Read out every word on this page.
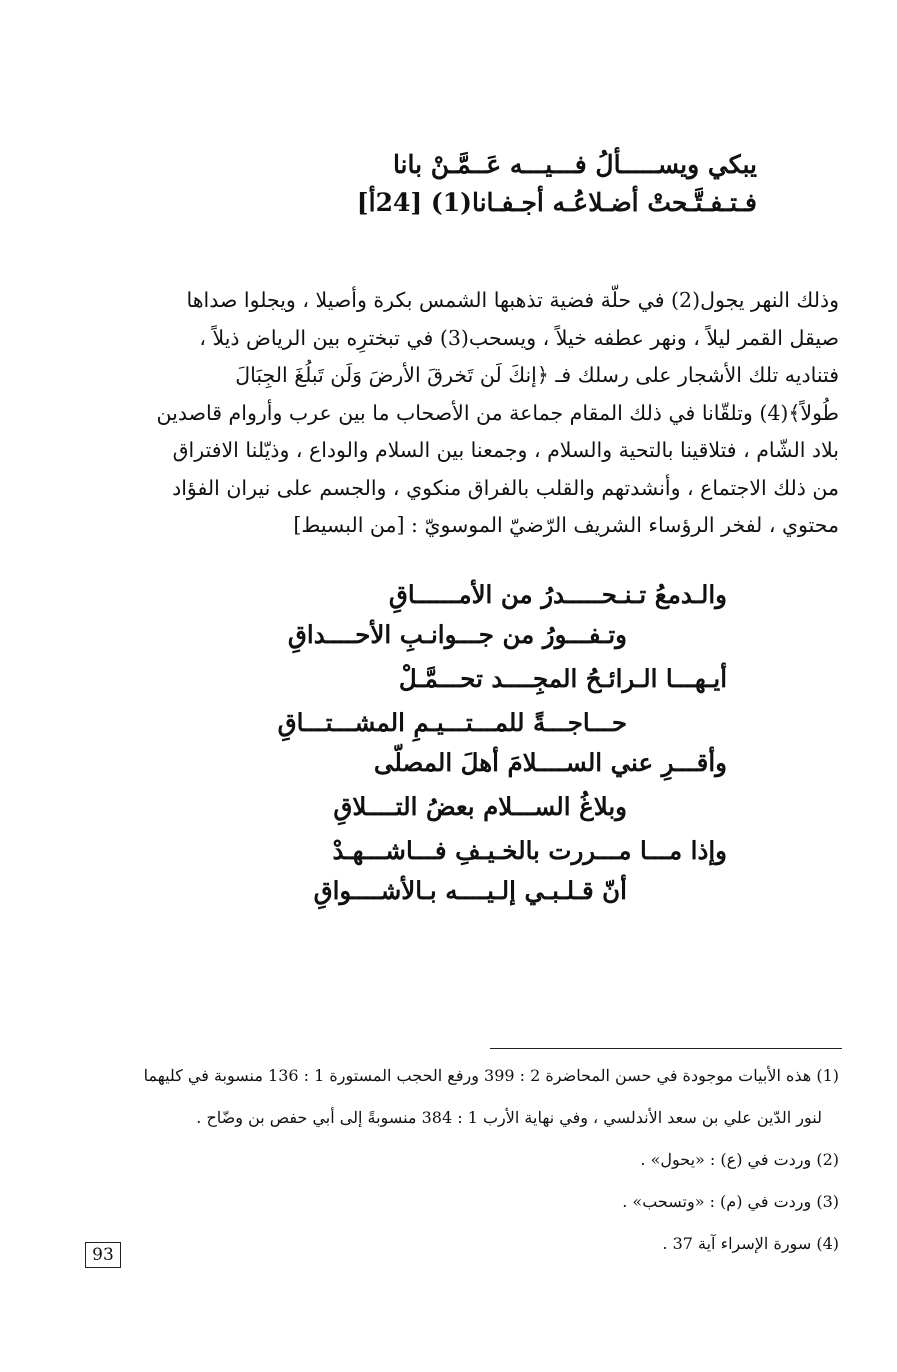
يبكي ويســـــألُ فـــيـــه عَــمَّـنْ بانا
فـتـفـتَّـحتْ أضـلاعُـه أجـفـانا(1) [24أ]

وذلك النهر يجول(2) في حلّة فضية تذهبها الشمس بكرة وأصيلا ، ويجلوا صداها

صيقل القمر ليلاً ، ونهر عطفه خيلاً ، ويسحب(3) في تبخترِه بين الرياض ذيلاً ،

فتناديه تلك الأشجار على رسلك فـ ﴿إنكَ لَن تَخرقَ الأرضَ وَلَن تَبلُغَ الجِبَالَ

طُولاً﴾(4) وتلقّانا في ذلك المقام جماعة من الأصحاب ما بين عرب وأروام قاصدين

بلاد الشّام ، فتلاقينا بالتحية والسلام ، وجمعنا بين السلام والوداع ، وذيّلنا الافتراق

من ذلك الاجتماع ، وأنشدتهم والقلب بالفراق منكوي ، والجسم على نيران الفؤاد

محتوي ، لفخر الرؤساء الشريف الرّضيّ الموسويّ : [من البسيط]

والـدمعُ تـنـحـــــدرُ من الأمــــــاقِ
وتـفـــورُ من جـــوانـبِ الأحــــداقِ
أيـهـــا الـرائـحُ المجِــــد تحـــمَّـلْ
حـــاجـــةً للمـــتـــيـمِ المشـــتـــاقِ
وأقـــرِ عني الســــلامَ أهلَ المصلّى
وبلاغُ الســـلام بعضُ التــــلاقِ
وإذا مـــا مـــررت بالخـيـفِ فـــاشـــهـدْ
أنّ قـلـبـي إلـيــــه بـالأشــــواقِ
(1) هذه الأبيات موجودة في حسن المحاضرة 2 : 399 ورفع الحجب المستورة 1 : 136 منسوبة في كليهما
لنور الدّين علي بن سعد الأندلسي ، وفي نهاية الأرب 1 : 384 منسوبةً إلى أبي حفص بن وضّاح .
(2) وردت في (ع) : «يحول» .
(3) وردت في (م) : «وتسحب» .
(4) سورة الإسراء آية 37 .
93
